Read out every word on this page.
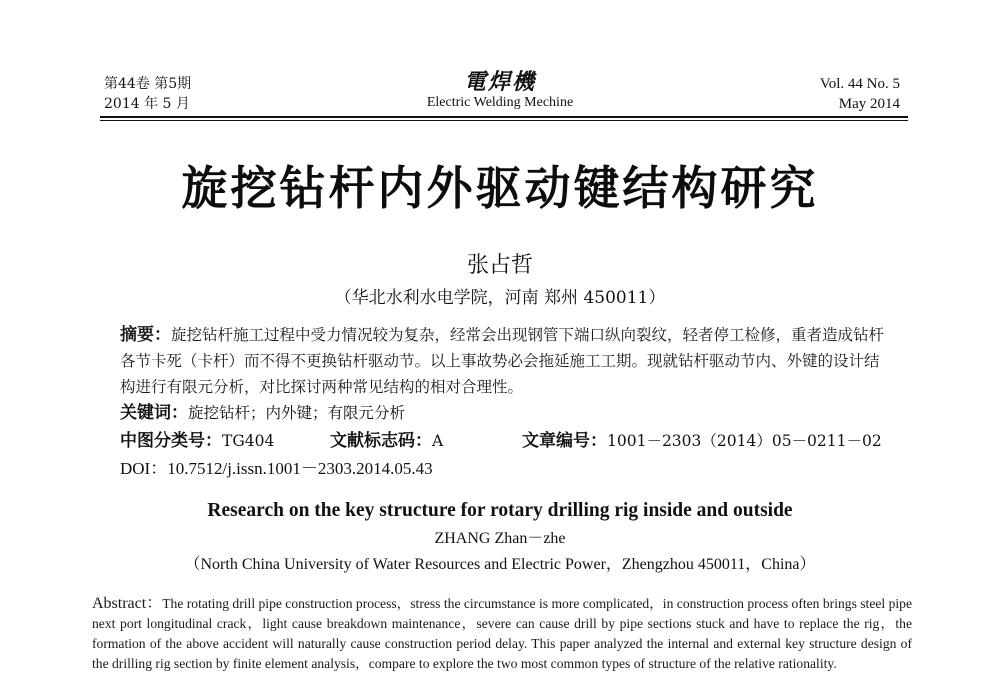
第44卷 第5期
2014 年 5 月
電焊機
Electric Welding Mechine
Vol. 44 No. 5
May 2014
旋挖钻杆内外驱动键结构研究
张占哲
（华北水利水电学院，河南 郑州 450011）
摘要：旋挖钻杆施工过程中受力情况较为复杂，经常会出现钢管下端口纵向裂纹，轻者停工检修，重者造成钻杆各节卡死（卡杆）而不得不更换钻杆驱动节。以上事故势必会拖延施工工期。现就钻杆驱动节内、外键的设计结构进行有限元分析，对比探讨两种常见结构的相对合理性。
关键词：旋挖钻杆；内外键；有限元分析
中图分类号：TG404	文献标志码：A	文章编号：1001－2303（2014）05－0211－02
DOI：10.7512/j.issn.1001－2303.2014.05.43
Research on the key structure for rotary drilling rig inside and outside
ZHANG Zhan－zhe
（North China University of Water Resources and Electric Power，Zhengzhou 450011，China）
Abstract：The rotating drill pipe construction process，stress the circumstance is more complicated，in construction process often brings steel pipe next port longitudinal crack，light cause breakdown maintenance，severe can cause drill by pipe sections stuck and have to replace the rig，the formation of the above accident will naturally cause construction period delay. This paper analyzed the internal and external key structure design of the drilling rig section by finite element analysis，compare to explore the two most common types of structure of the relative rationality.
